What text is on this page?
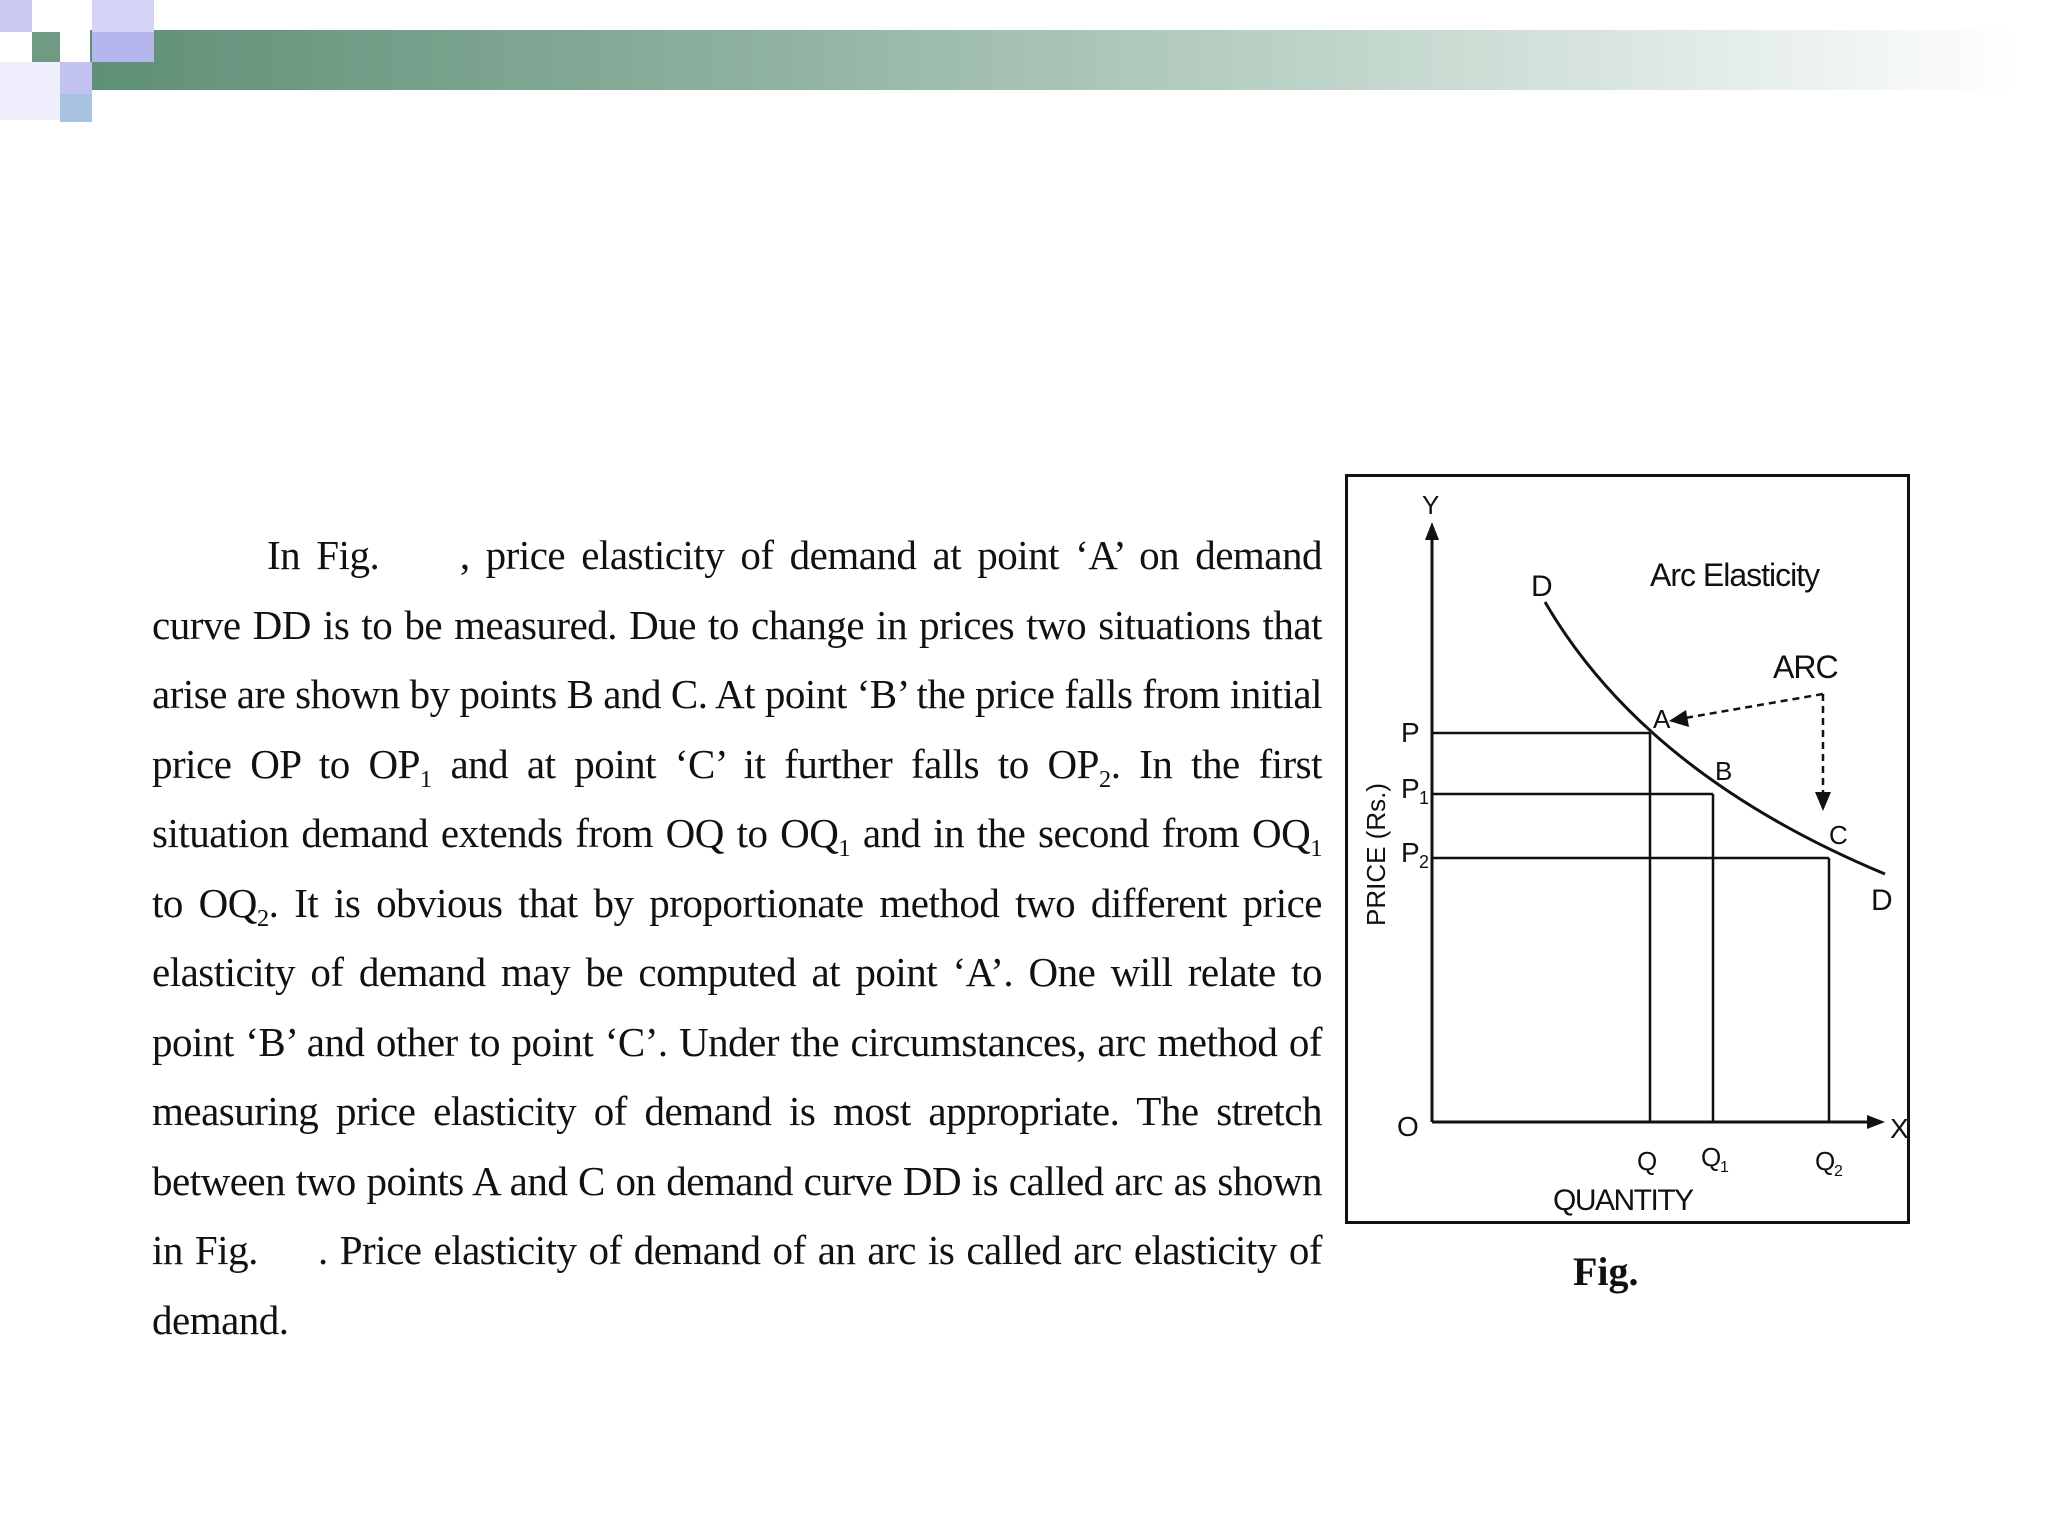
In Fig. , price elasticity of demand at point ‘A’ on demand curve DD is to be measured. Due to change in prices two situations that arise are shown by points B and C. At point ‘B’ the price falls from initial price OP to $OP_1$ and at point ‘C’ it further falls to $OP_2$. In the first situation demand extends from OQ to $OQ_1$ and in the second from $OQ_1$ to $OQ_2$. It is obvious that by proportionate method two different price elasticity of demand may be computed at point ‘A’. One will relate to point ‘B’ and other to point ‘C’. Under the circumstances, arc method of measuring price elasticity of demand is most appropriate. The stretch between two points A and C on demand curve DD is called arc as shown in Fig. . Price elasticity of demand of an arc is called arc elasticity of demand.

Y
X
O
Arc Elasticity
ARC
D
D
A
B
C
P
P 1
P 2
PRICE (Rs.)
Q Q
1	Q
2
QUANTITY
Fig.
